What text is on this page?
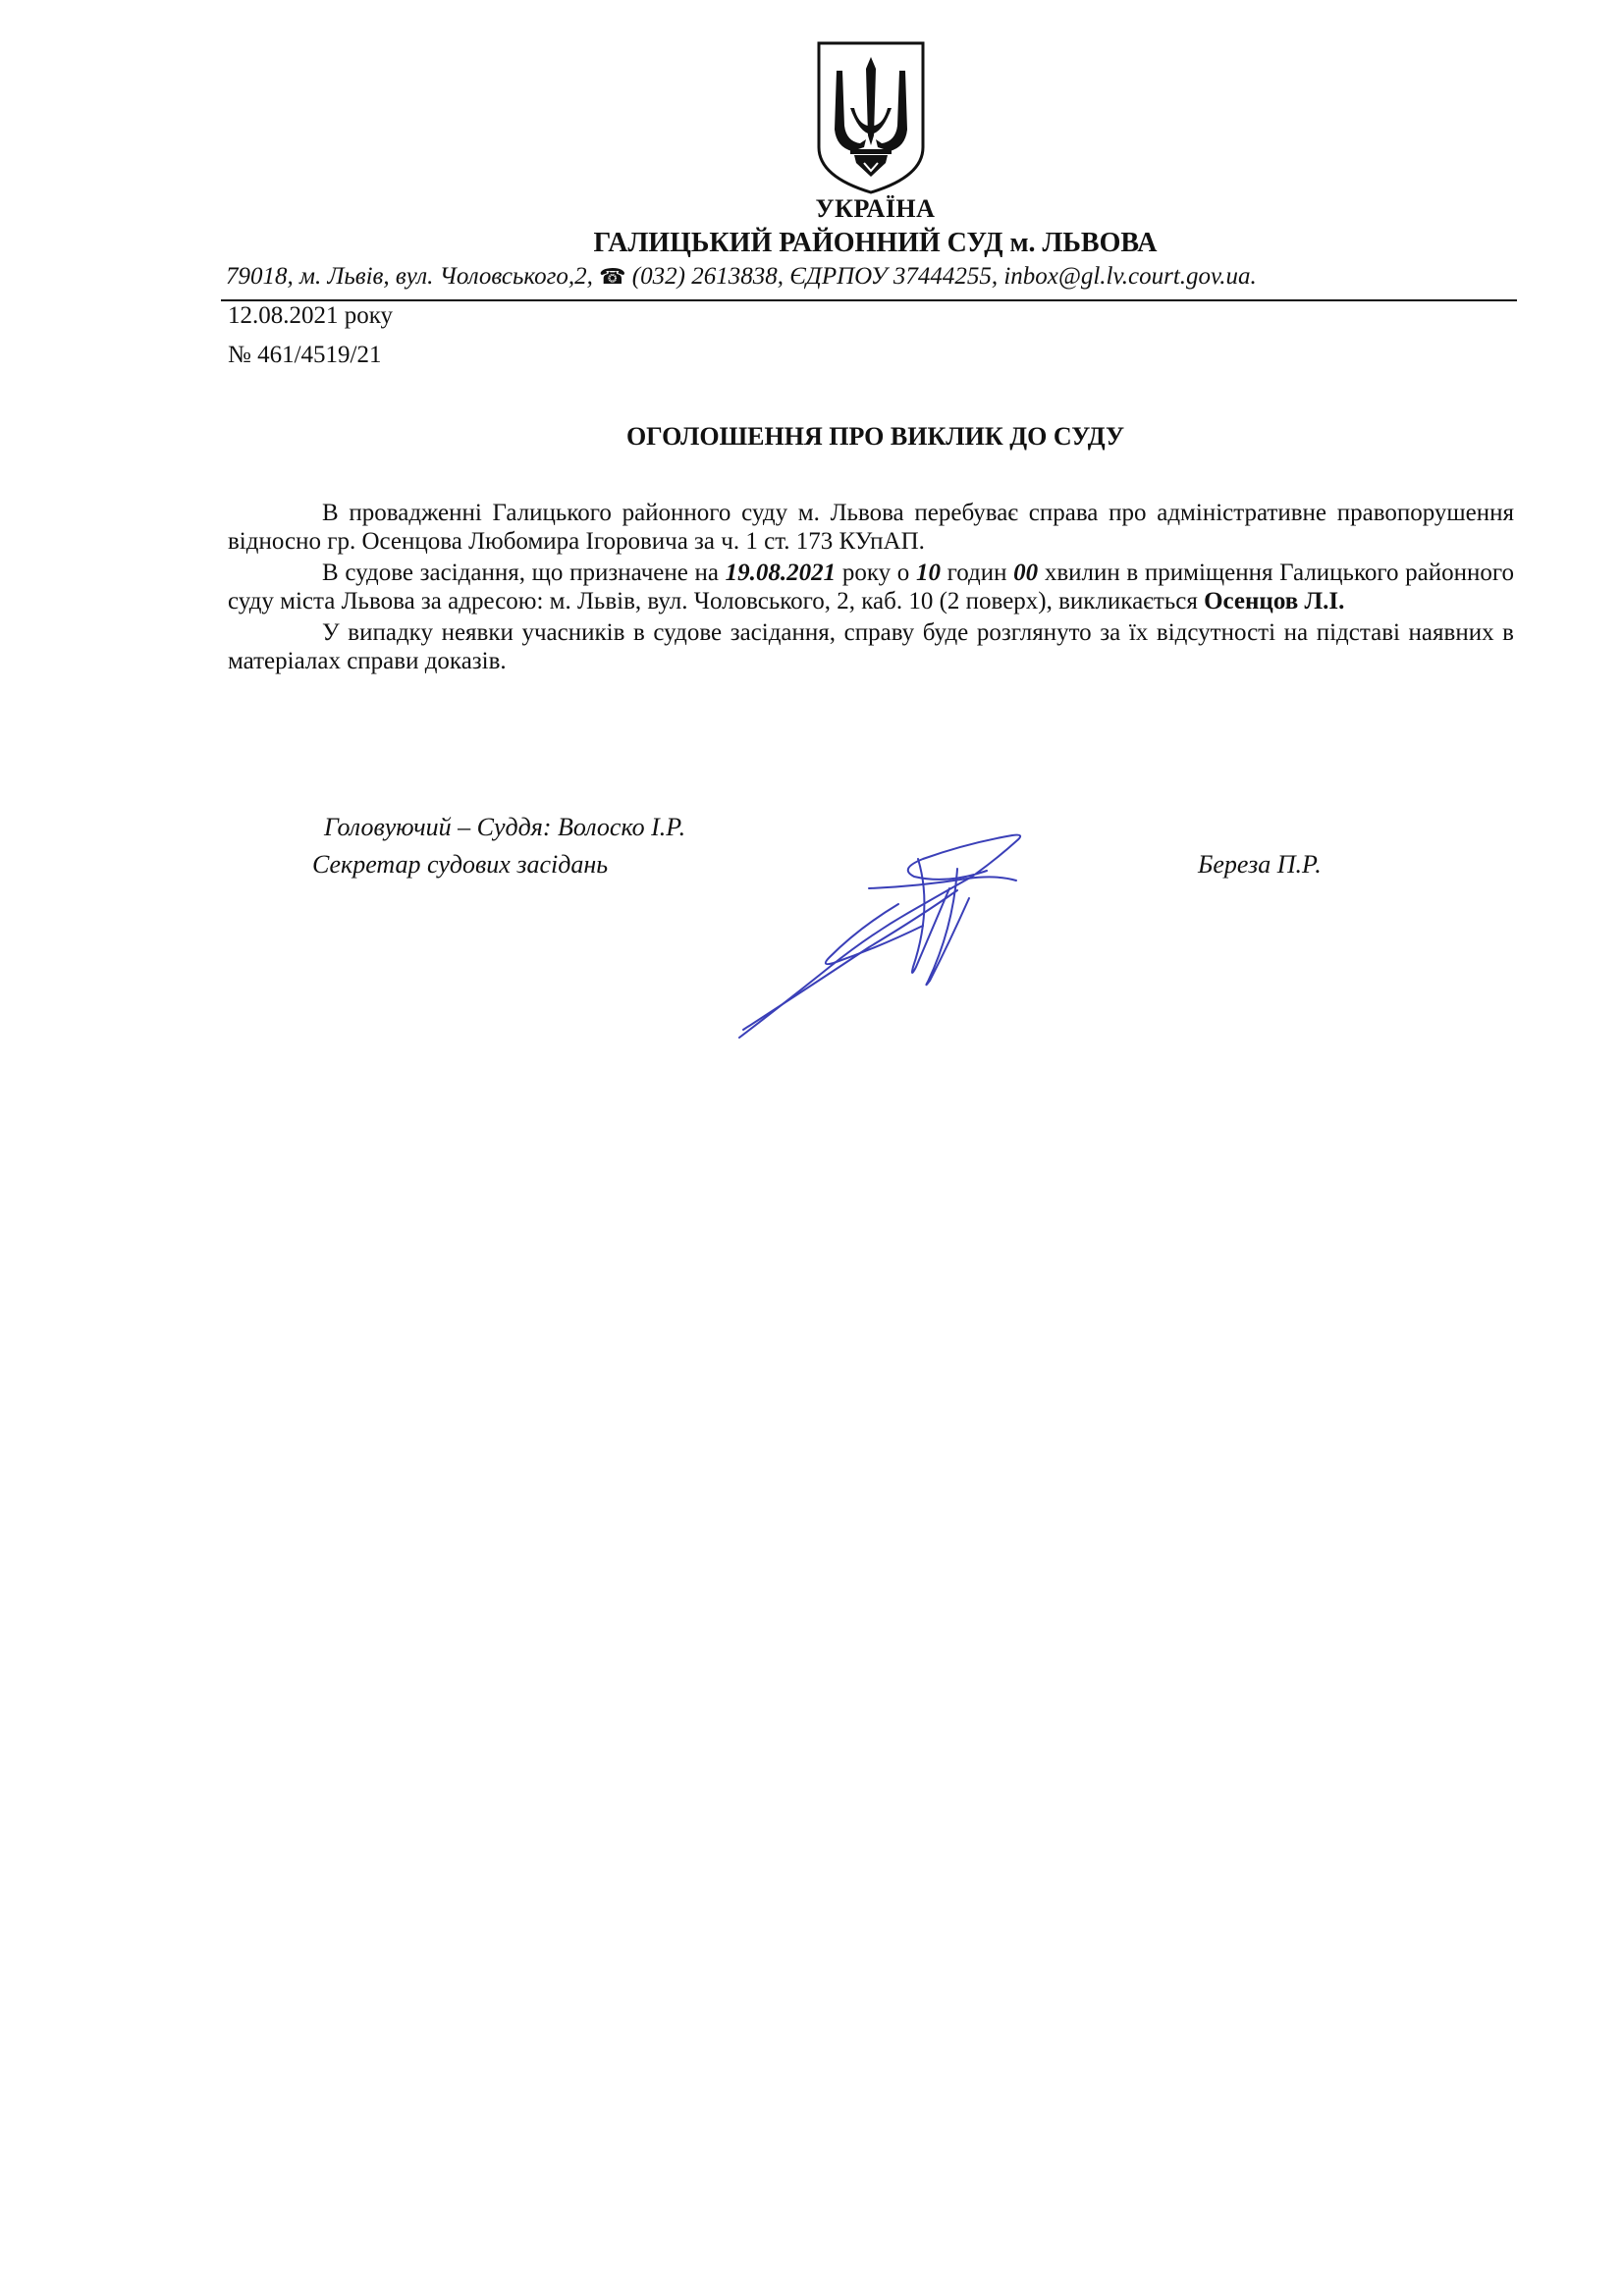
УКРАЇНА
ГАЛИЦЬКИЙ РАЙОННИЙ СУД м. ЛЬВОВА
79018, м. Львів, вул. Чоловського,2, ☎ (032) 2613838, ЄДРПОУ 37444255, inbox@gl.lv.court.gov.ua.
12.08.2021 року
№ 461/4519/21
ОГОЛОШЕННЯ ПРО ВИКЛИК ДО СУДУ

В провадженні Галицького районного суду м. Львова перебуває справа про адміністративне правопорушення відносно гр. Осенцова Любомира Ігоровича за ч. 1 ст. 173 КУпАП.

В судове засідання, що призначене на 19.08.2021 року о 10 годин 00 хвилин в приміщення Галицького районного суду міста Львова за адресою: м. Львів, вул. Чоловського, 2, каб. 10 (2 поверх), викликається Осенцов Л.І.

У випадку неявки учасників в судове засідання, справу буде розглянуто за їх відсутності на підставі наявних в матеріалах справи доказів.

Головуючий – Суддя: Волоско І.Р.
Секретар судових засідань	Береза П.Р.
